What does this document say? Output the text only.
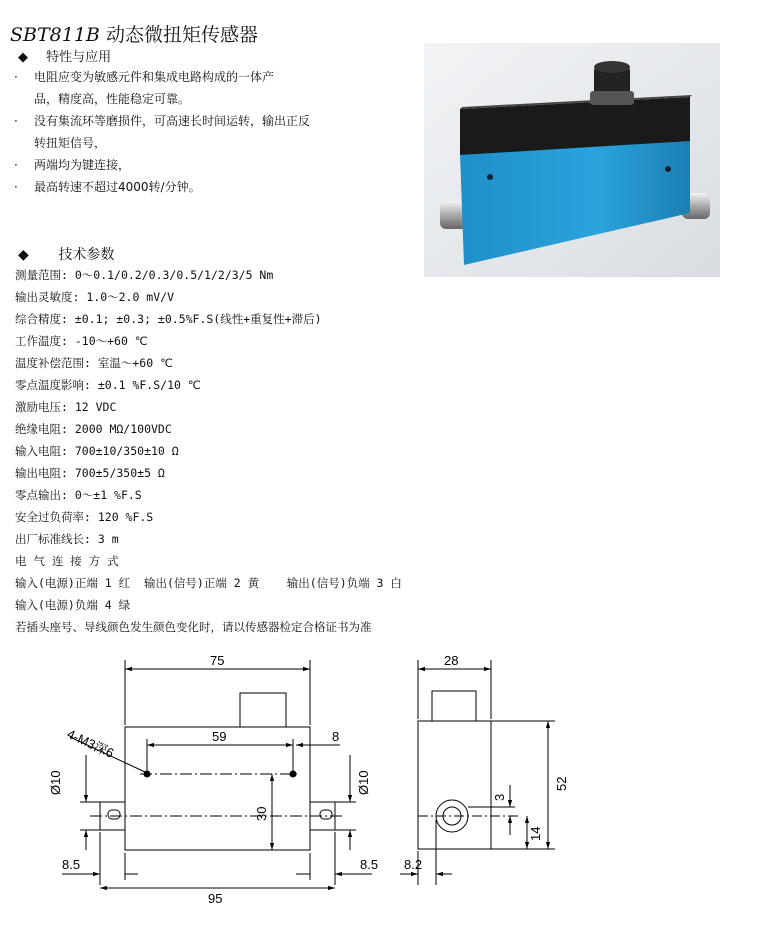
SBT811B 动态微扭矩传感器
◆ 特性与应用
· 电阻应变为敏感元件和集成电路构成的一体产
品，精度高，性能稳定可靠。
· 没有集流环等磨损件，可高速长时间运转，输出正反
转扭矩信号，
· 两端均为键连接，
· 最高转速不超过4000转/分钟。
◆ 技术参数
测量范围: 0～0.1/0.2/0.3/0.5/1/2/3/5 Nm
输出灵敏度: 1.0～2.0 mV/V
综合精度: ±0.1; ±0.3; ±0.5%F.S(线性+重复性+滞后)
工作温度: -10～+60 ℃
温度补偿范围: 室温～+60 ℃
零点温度影响: ±0.1 %F.S/10 ℃
激励电压: 12 VDC
绝缘电阻: 2000 MΩ/100VDC
输入电阻: 700±10/350±10 Ω
输出电阻: 700±5/350±5 Ω
零点输出: 0～±1 %F.S
安全过负荷率: 120 %F.S
出厂标准线长: 3 m
电 气 连 接 方 式
输入(电源)正端 1 红  输出(信号)正端 2 黄    输出(信号)负端 3 白
输入(电源)负端 4 绿
若插头座号、导线颜色发生颜色变化时，请以传感器检定合格证书为准
75
59	8
4-M3深6
Ø10	Ø10
30
8.5	8.5
95
28
3
52
14
8.2
